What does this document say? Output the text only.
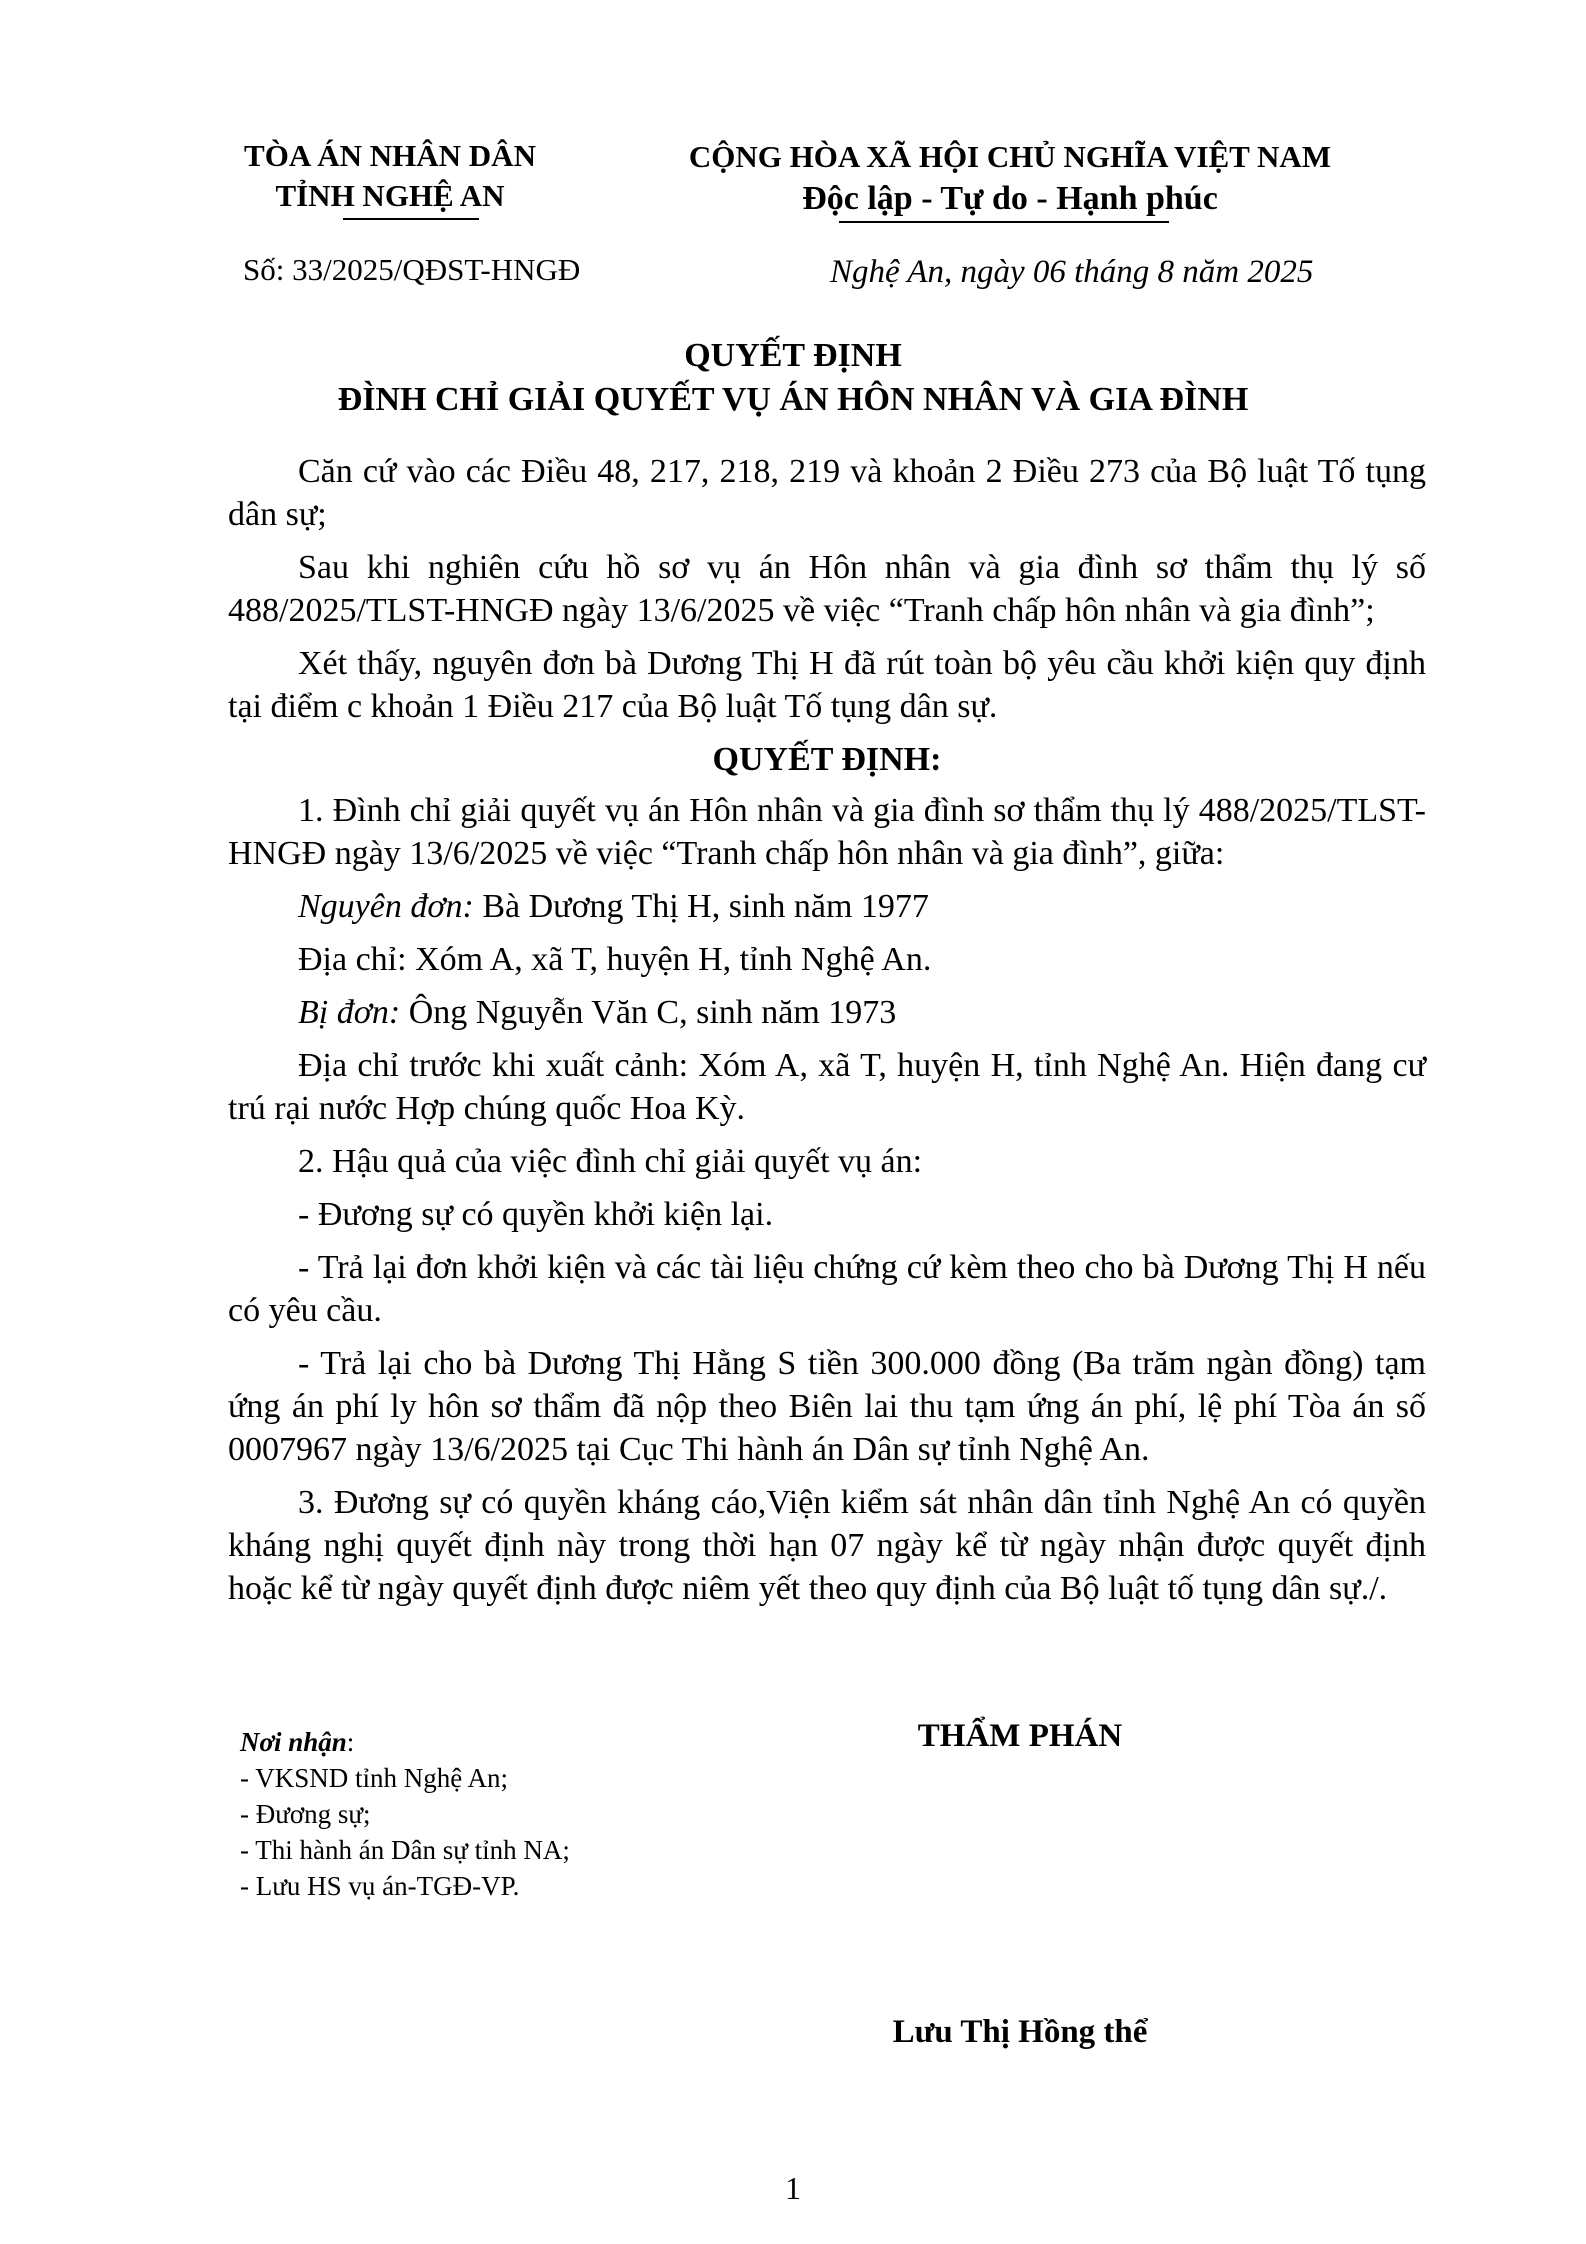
TÒA ÁN NHÂN DÂN
TỈNH NGHỆ AN
CỘNG HÒA XÃ HỘI CHỦ NGHĨA VIỆT NAM
Độc lập - Tự do - Hạnh phúc
Số: 33/2025/QĐST-HNGĐ	Nghệ An, ngày 06 tháng 8 năm 2025
QUYẾT ĐỊNH
ĐÌNH CHỈ GIẢI QUYẾT VỤ ÁN HÔN NHÂN VÀ GIA ĐÌNH

Căn cứ vào các Điều 48, 217, 218, 219 và khoản 2 Điều 273 của Bộ luật Tố tụng dân sự;

Sau khi nghiên cứu hồ sơ vụ án Hôn nhân và gia đình sơ thẩm thụ lý số 488/2025/TLST-HNGĐ ngày 13/6/2025 về việc “Tranh chấp hôn nhân và gia đình”;

Xét thấy, nguyên đơn bà Dương Thị H đã rút toàn bộ yêu cầu khởi kiện quy định tại điểm c khoản 1 Điều 217 của Bộ luật Tố tụng dân sự.

QUYẾT ĐỊNH:

1. Đình chỉ giải quyết vụ án Hôn nhân và gia đình sơ thẩm thụ lý 488/2025/TLST-HNGĐ ngày 13/6/2025 về việc “Tranh chấp hôn nhân và gia đình”, giữa:

Nguyên đơn: Bà Dương Thị H, sinh năm 1977

Địa chỉ: Xóm A, xã T, huyện H, tỉnh Nghệ An.

Bị đơn: Ông Nguyễn Văn C, sinh năm 1973

Địa chỉ trước khi xuất cảnh: Xóm A, xã T, huyện H, tỉnh Nghệ An. Hiện đang cư trú rại nước Hợp chúng quốc Hoa Kỳ.

2. Hậu quả của việc đình chỉ giải quyết vụ án:

- Đương sự có quyền khởi kiện lại.

- Trả lại đơn khởi kiện và các tài liệu chứng cứ kèm theo cho bà Dương Thị H nếu có yêu cầu.

- Trả lại cho bà Dương Thị Hằng S tiền 300.000 đồng (Ba trăm ngàn đồng) tạm ứng án phí ly hôn sơ thẩm đã nộp theo Biên lai thu tạm ứng án phí, lệ phí Tòa án số 0007967 ngày 13/6/2025 tại Cục Thi hành án Dân sự tỉnh Nghệ An.

3. Đương sự có quyền kháng cáo,Viện kiểm sát nhân dân tỉnh Nghệ An có quyền kháng nghị quyết định này trong thời hạn 07 ngày kể từ ngày nhận được quyết định hoặc kể từ ngày quyết định được niêm yết theo quy định của Bộ luật tố tụng dân sự./.

Nơi nhận:
- VKSND tỉnh Nghệ An;
- Đương sự;
- Thi hành án Dân sự tỉnh NA;
- Lưu HS vụ án-TGĐ-VP.
THẨM PHÁN
Lưu Thị Hồng thể
1
